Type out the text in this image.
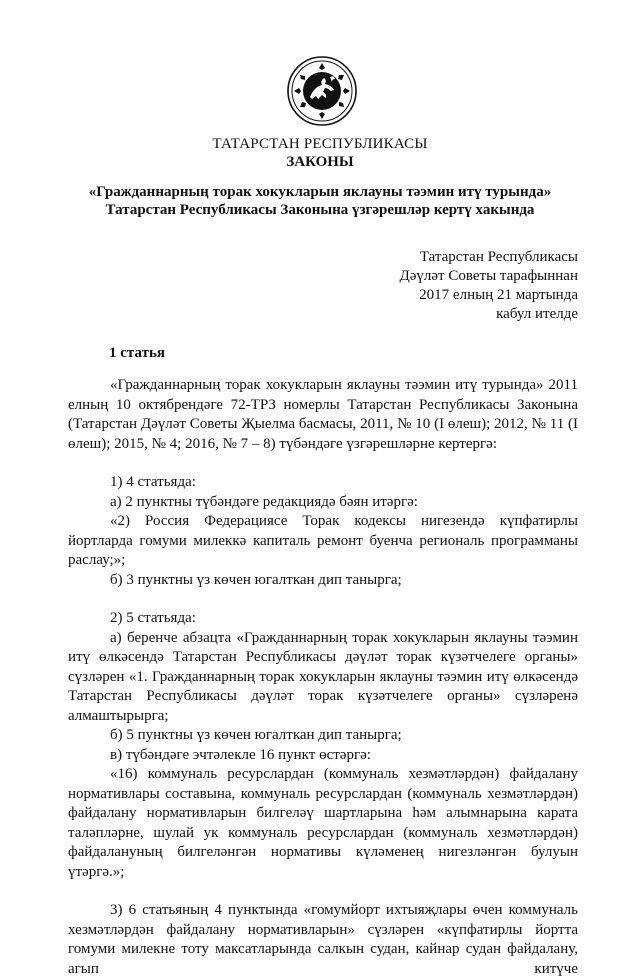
ТАТАРСТАН РЕСПУБЛИКАСЫ
ЗАКОНЫ
«Гражданнарның торак хокукларын яклауны тәэмин итү турында»
Татарстан Республикасы Законына үзгәрешләр кертү хакында
Татарстан Республикасы
Дәүләт Советы тарафыннан
2017 елның 21 мартында
кабул ителде
1 статья

«Гражданнарның торак хокукларын яклауны тәэмин итү турында» 2011 елның 10 октябрендәге 72-ТРЗ номерлы Татарстан Республикасы Законына (Татарстан Дәүләт Советы Җыелма басмасы, 2011, № 10 (I өлеш); 2012, № 11 (I өлеш); 2015, № 4; 2016, № 7 – 8) түбәндәге үзгәрешләрне кертергә:

1) 4 статьяда:

а) 2 пунктны түбәндәге редакциядә бәян итәргә:

«2) Россия Федерациясе Торак кодексы нигезендә күпфатирлы йортларда гомуми милеккә капиталь ремонт буенча региональ программаны раслау;»;

б) 3 пунктны үз көчен югалткан дип танырга;

2) 5 статьяда:

а) беренче абзацта «Гражданнарның торак хокукларын яклауны тәэмин итү өлкәсендә Татарстан Республикасы дәүләт торак күзәтчелеге органы» сүзләрен «1. Гражданнарның торак хокукларын яклауны тәэмин итү өлкәсендә Татарстан Республикасы дәүләт торак күзәтчелеге органы» сүзләренә алмаштырырга;

б) 5 пунктны үз көчен югалткан дип танырга;

в) түбәндәге эчтәлекле 16 пункт өстәргә:

«16) коммуналь ресурслардан (коммуналь хезмәтләрдән) файдалану нормативлары составына, коммуналь ресурслардан (коммуналь хезмәтләрдән) файдалану нормативларын билгеләү шартларына һәм алымнарына карата таләпләрне, шулай ук коммуналь ресурслардан (коммуналь хезмәтләрдән) файдалануның билгеләнгән нормативы күләменең нигезләнгән булуын үтәргә.»;

3) 6 статьяның 4 пунктында «гомумйорт ихтыяҗлары өчен коммуналь хезмәтләрдән файдалану нормативларын» сүзләрен «күпфатирлы йортта гомуми милекне тоту максатларында салкын судан, кайнар судан файдалану, агып китүче
